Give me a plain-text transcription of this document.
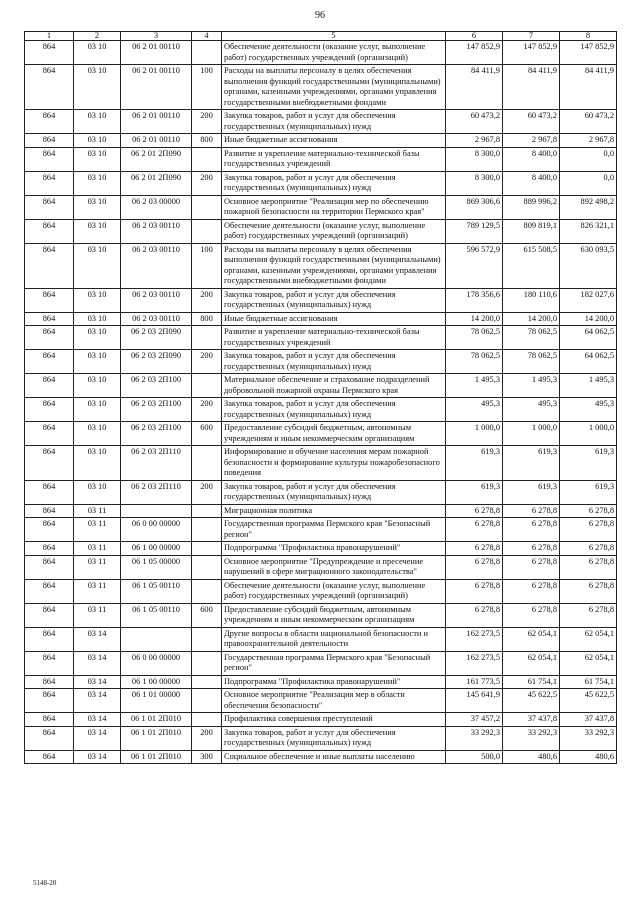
96
1	2	3	4	5	6	7	8
864	03 10	06 2 01 00110		Обеспечение деятельности (оказание услуг, выполнение работ) государственных учреждений (организаций)	147 852,9	147 852,9	147 852,9
864	03 10	06 2 01 00110	100	Расходы на выплаты персоналу в целях обеспечения выполнения функций государственными (муниципальными) органами, казенными учреждениями, органами управления государственными внебюджетными фондами	84 411,9	84 411,9	84 411,9
864	03 10	06 2 01 00110	200	Закупка товаров, работ и услуг для обеспечения государственных (муниципальных) нужд	60 473,2	60 473,2	60 473,2
864	03 10	06 2 01 00110	800	Иные бюджетные ассигнования	2 967,8	2 967,8	2 967,8
864	03 10	06 2 01 2П090		Развитие и укрепление материально-технической базы государственных учреждений	8 300,0	8 400,0	0,0
864	03 10	06 2 01 2П090	200	Закупка товаров, работ и услуг для обеспечения государственных (муниципальных) нужд	8 300,0	8 400,0	0,0
864	03 10	06 2 03 00000		Основное мероприятие "Реализация мер по обеспечению пожарной безопасности на территории Пермского края"	869 306,6	889 996,2	892 498,2
864	03 10	06 2 03 00110		Обеспечение деятельности (оказание услуг, выполнение работ) государственных учреждений (организаций)	789 129,5	809 819,1	826 321,1
864	03 10	06 2 03 00110	100	Расходы на выплаты персоналу в целях обеспечения выполнения функций государственными (муниципальными) органами, казенными учреждениями, органами управления государственными внебюджетными фондами	596 572,9	615 508,5	630 093,5
864	03 10	06 2 03 00110	200	Закупка товаров, работ и услуг для обеспечения государственных (муниципальных) нужд	178 356,6	180 110,6	182 027,6
864	03 10	06 2 03 00110	800	Иные бюджетные ассигнования	14 200,0	14 200,0	14 200,0
864	03 10	06 2 03 2П090		Развитие и укрепление материально-технической базы государственных учреждений	78 062,5	78 062,5	64 062,5
864	03 10	06 2 03 2П090	200	Закупка товаров, работ и услуг для обеспечения государственных (муниципальных) нужд	78 062,5	78 062,5	64 062,5
864	03 10	06 2 03 2П100		Материальное обеспечение и страхование подразделений добровольной пожарной охраны Пермского края	1 495,3	1 495,3	1 495,3
864	03 10	06 2 03 2П100	200	Закупка товаров, работ и услуг для обеспечения государственных (муниципальных) нужд	495,3	495,3	495,3
864	03 10	06 2 03 2П100	600	Предоставление субсидий бюджетным, автономным учреждениям и иным некоммерческим организациям	1 000,0	1 000,0	1 000,0
864	03 10	06 2 03 2П110		Информирование и обучение населения мерам пожарной безопасности и формирование культуры пожаробезопасного поведения	619,3	619,3	619,3
864	03 10	06 2 03 2П110	200	Закупка товаров, работ и услуг для обеспечения государственных (муниципальных) нужд	619,3	619,3	619,3
864	03 11			Миграционная политика	6 278,8	6 278,8	6 278,8
864	03 11	06 0 00 00000		Государственная программа Пермского края "Безопасный регион"	6 278,8	6 278,8	6 278,8
864	03 11	06 1 00 00000		Подпрограмма "Профилактика правонарушений"	6 278,8	6 278,8	6 278,8
864	03 11	06 1 05 00000		Основное мероприятие "Предупреждение и пресечение нарушений в сфере миграционного законодательства"	6 278,8	6 278,8	6 278,8
864	03 11	06 1 05 00110		Обеспечение деятельности (оказание услуг, выполнение работ) государственных учреждений (организаций)	6 278,8	6 278,8	6 278,8
864	03 11	06 1 05 00110	600	Предоставление субсидий бюджетным, автономным учреждениям и иным некоммерческим организациям	6 278,8	6 278,8	6 278,8
864	03 14			Другие вопросы в области национальной безопасности и правоохранительной деятельности	162 273,5	62 054,1	62 054,1
864	03 14	06 0 00 00000		Государственная программа Пермского края "Безопасный регион"	162 273,5	62 054,1	62 054,1
864	03 14	06 1 00 00000		Подпрограмма "Профилактика правонарушений"	161 773,5	61 754,1	61 754,1
864	03 14	06 1 01 00000		Основное мероприятие "Реализация мер в области обеспечения безопасности"	145 641,9	45 622,5	45 622,5
864	03 14	06 1 01 2П010		Профилактика совершения преступлений	37 457,2	37 437,8	37 437,8
864	03 14	06 1 01 2П010	200	Закупка товаров, работ и услуг для обеспечения государственных (муниципальных) нужд	33 292,3	33 292,3	33 292,3
864	03 14	06 1 01 2П010	300	Социальное обеспечение и иные выплаты населению	500,0	480,6	480,6
5148-20
